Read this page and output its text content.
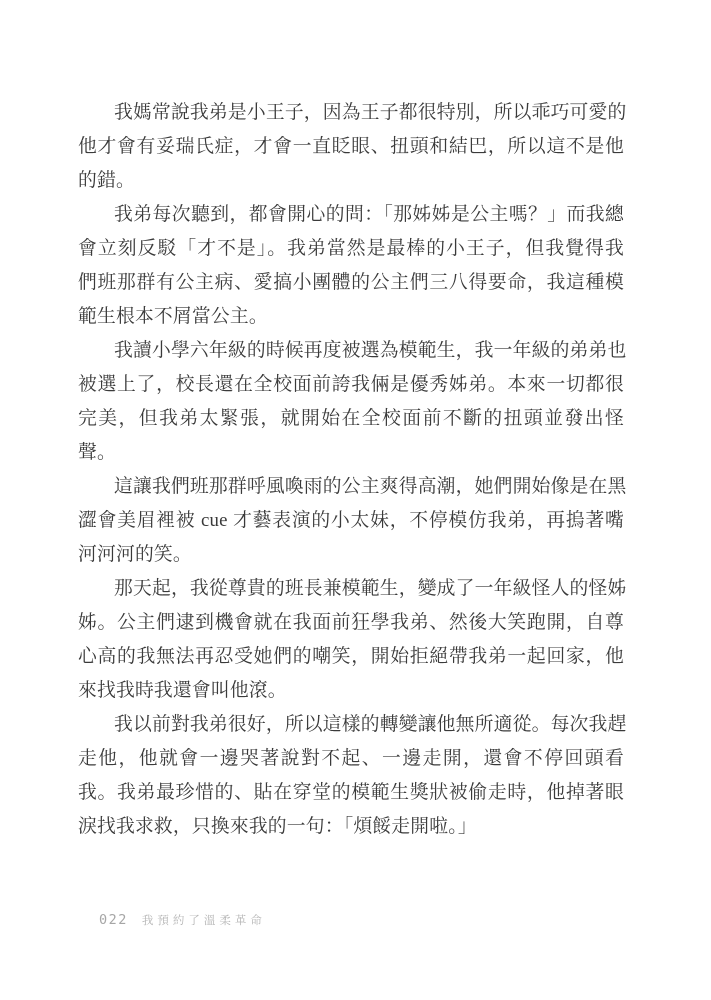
我媽常說我弟是小王子，因為王子都很特別，所以乖巧可愛的
他才會有妥瑞氏症，才會一直眨眼、扭頭和結巴，所以這不是他
的錯。
我弟每次聽到，都會開心的問：「那姊姊是公主嗎？」而我總
會立刻反駁「才不是」。我弟當然是最棒的小王子，但我覺得我
們班那群有公主病、愛搞小團體的公主們三八得要命，我這種模
範生根本不屑當公主。
我讀小學六年級的時候再度被選為模範生，我一年級的弟弟也
被選上了，校長還在全校面前誇我倆是優秀姊弟。本來一切都很
完美，但我弟太緊張，就開始在全校面前不斷的扭頭並發出怪
聲。
這讓我們班那群呼風喚雨的公主爽得高潮，她們開始像是在黑
澀會美眉裡被 cue 才藝表演的小太妹，不停模仿我弟，再摀著嘴
河河河的笑。
那天起，我從尊貴的班長兼模範生，變成了一年級怪人的怪姊
姊。公主們逮到機會就在我面前狂學我弟、然後大笑跑開，自尊
心高的我無法再忍受她們的嘲笑，開始拒絕帶我弟一起回家，他
來找我時我還會叫他滾。
我以前對我弟很好，所以這樣的轉變讓他無所適從。每次我趕
走他，他就會一邊哭著說對不起、一邊走開，還會不停回頭看
我。我弟最珍惜的、貼在穿堂的模範生獎狀被偷走時，他掉著眼
淚找我求救，只換來我的一句：「煩餒走開啦。」
022 我預約了溫柔革命
